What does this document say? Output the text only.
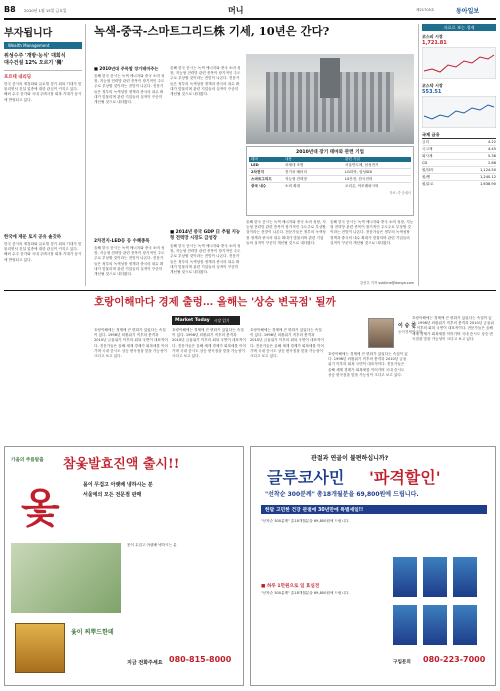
B8 2010년 1월 15일 금요일	머니	제21705호	동아일보
부자됩니다
Wealth Management
위성수주 '개방·능식' 대회식
대수건설 12% 오르기 '獨'
포르테 내리딩
한국 증시의 재점화와 글로벌 경기 회복 기대가 맞물리면서 건설 업종에 대한 관심이 커지고 있다. 해외 수주 증가와 국내 주택시장 회복 기대가 동시에 반영되고 있다.
한국에 재둔 토지 공유 솔깃하
한국 증시의 재점화와 글로벌 경기 회복 기대가 맞물리면서 건설 업종에 대한 관심이 커지고 있다. 해외 수주 증가와 국내 주택시장 회복 기대가 동시에 반영되고 있다.
녹색-중국-스마트그리드株 기세, 10년은 간다?
■ 2010년대 주목할 장기테마주는
올해 한국 증시는 녹색 에너지와 중국 소비 성장, 지능형 전력망 관련 종목이 장기적인 주도주로 부상할 것이라는 전망이 나온다. 전문가들은 정부의 녹색성장 정책과 중국의 내수 확대가 맞물리며 관련 기업들의 실적이 꾸준히 개선될 것으로 내다봤다.
2차전지-LED등 등 수혜종목
올해 한국 증시는 녹색 에너지와 중국 소비 성장, 지능형 전력망 관련 종목이 장기적인 주도주로 부상할 것이라는 전망이 나온다. 전문가들은 정부의 녹색성장 정책과 중국의 내수 확대가 맞물리며 관련 기업들의 실적이 꾸준히 개선될 것으로 내다봤다.
올해 한국 증시는 녹색 에너지와 중국 소비 성장, 지능형 전력망 관련 종목이 장기적인 주도주로 부상할 것이라는 전망이 나온다. 전문가들은 정부의 녹색성장 정책과 중국의 내수 확대가 맞물리며 관련 기업들의 실적이 꾸준히 개선될 것으로 내다봤다.
■ 2014년 중국 GDP 日 추월 지능형 전력망 시장도 급성장
올해 한국 증시는 녹색 에너지와 중국 소비 성장, 지능형 전력망 관련 종목이 장기적인 주도주로 부상할 것이라는 전망이 나온다. 전문가들은 정부의 녹색성장 정책과 중국의 내수 확대가 맞물리며 관련 기업들의 실적이 꾸준히 개선될 것으로 내다봤다.
2010년대 장기 테마와 관련 기업
테마	내용	관련 기업
LED	차세대 조명	서울반도체, 삼성전기
2차전지	전기차 배터리	LG화학, 삼성SDI
스마트그리드	지능형 전력망	LS산전, 한국전력
중국 내수	소비 확대	오리온, 아모레퍼시픽
자료: 각 증권사
올해 한국 증시는 녹색 에너지와 중국 소비 성장, 지능형 전력망 관련 종목이 장기적인 주도주로 부상할 것이라는 전망이 나온다. 전문가들은 정부의 녹색성장 정책과 중국의 내수 확대가 맞물리며 관련 기업들의 실적이 꾸준히 개선될 것으로 내다봤다.
올해 한국 증시는 녹색 에너지와 중국 소비 성장, 지능형 전력망 관련 종목이 장기적인 주도주로 부상할 것이라는 전망이 나온다. 전문가들은 정부의 녹색성장 정책과 중국의 내수 확대가 맞물리며 관련 기업들의 실적이 꾸준히 개선될 것으로 내다봤다.
김선우 기자 sublime@donga.com
자료로 보는 경제
코스피 시장
1,721.81
코스닥 시장
553.51
국제 금융
금리	4.22
국고채	4.45
회사채	5.36
CD	2.88
원/달러	1,124.50
원/엔	1,240.12
원/유로	1,638.90
호랑이해마다 경제 출렁… 올해는 '상승 변곡점' 될까
Market Today 시장 읽기
호랑이해에는 경제에 큰 변화가 있었다는 속설이 있다. 1998년 외환위기 직후의 충격과 2010년 금융위기 이후의 회복 국면이 대표적이다. 전문가들은 올해 세계 경제가 회복세를 이어가며 국내 증시도 상승 변곡점을 맞을 가능성이 크다고 보고 있다.
호랑이해에는 경제에 큰 변화가 있었다는 속설이 있다. 1998년 외환위기 직후의 충격과 2010년 금융위기 이후의 회복 국면이 대표적이다. 전문가들은 올해 세계 경제가 회복세를 이어가며 국내 증시도 상승 변곡점을 맞을 가능성이 크다고 보고 있다.
호랑이해에는 경제에 큰 변화가 있었다는 속설이 있다. 1998년 외환위기 직후의 충격과 2010년 금융위기 이후의 회복 국면이 대표적이다. 전문가들은 올해 세계 경제가 회복세를 이어가며 국내 증시도 상승 변곡점을 맞을 가능성이 크다고 보고 있다.
이 승 진
동아경제연구원
호랑이해에는 경제에 큰 변화가 있었다는 속설이 있다. 1998년 외환위기 직후의 충격과 2010년 금융위기 이후의 회복 국면이 대표적이다. 전문가들은 올해 세계 경제가 회복세를 이어가며 국내 증시도 상승 변곡점을 맞을 가능성이 크다고 보고 있다.
호랑이해에는 경제에 큰 변화가 있었다는 속설이 있다. 1998년 외환위기 직후의 충격과 2010년 금융위기 이후의 회복 국면이 대표적이다. 전문가들은 올해 세계 경제가 회복세를 이어가며 국내 증시도 상승 변곡점을 맞을 가능성이 크다고 보고 있다.
가을의 주름탈출 참옻발효진액 출시!!
옻	몸이 무겁고 아랫배 냉하시는 분
서울에의 모든 전문점 판매
옻이 찌뿌드한데
몸이 무겁고 아랫배 냉하시는 분
지금 전화주세요 080-815-8000
관절과 연골이 불편하십니까?
글루코사민 '파격할인'
"선착순 300분께" 총18개월분을 69,800원에 드립니다.
한달 고민한 건강 관절에 30년만에 특별세일!!
"선착순 300분께" 총18개월분을 69,800원에 드립니다.
■ 하루 1만원으로 일 효심전
"선착순 300분께" 총18개월분을 69,800원에 드립니다.
구입문의 080-223-7000
